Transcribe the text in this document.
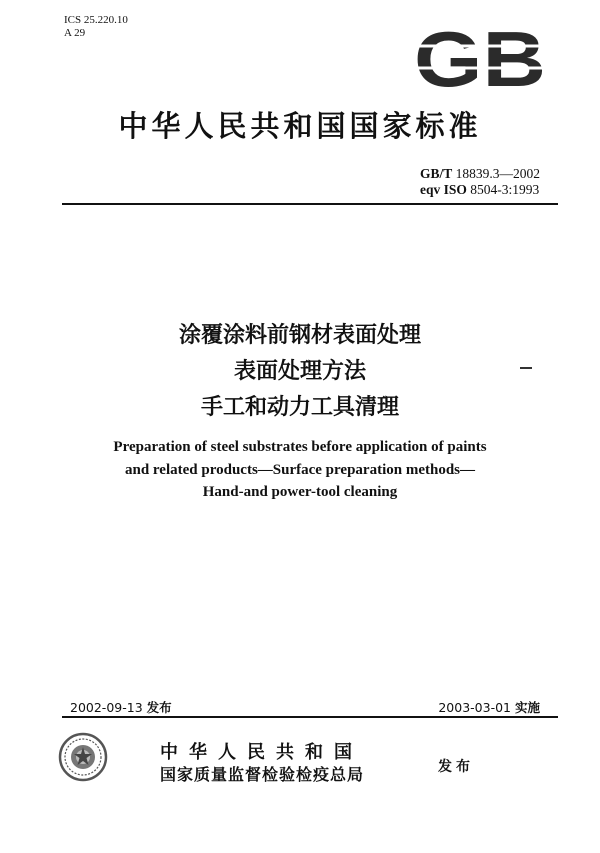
ICS 25.220.10
A 29	GB
中华人民共和国国家标准
GB/T 18839.3—2002
eqv ISO 8504-3:1993
涂覆涂料前钢材表面处理
表面处理方法
手工和动力工具清理
Preparation of steel substrates before application of paints
and related products—Surface preparation methods—
Hand-and power-tool cleaning
2002-09-13 发布	2003-03-01 实施
中华人民共和国
国家质量监督检验检疫总局	发布
